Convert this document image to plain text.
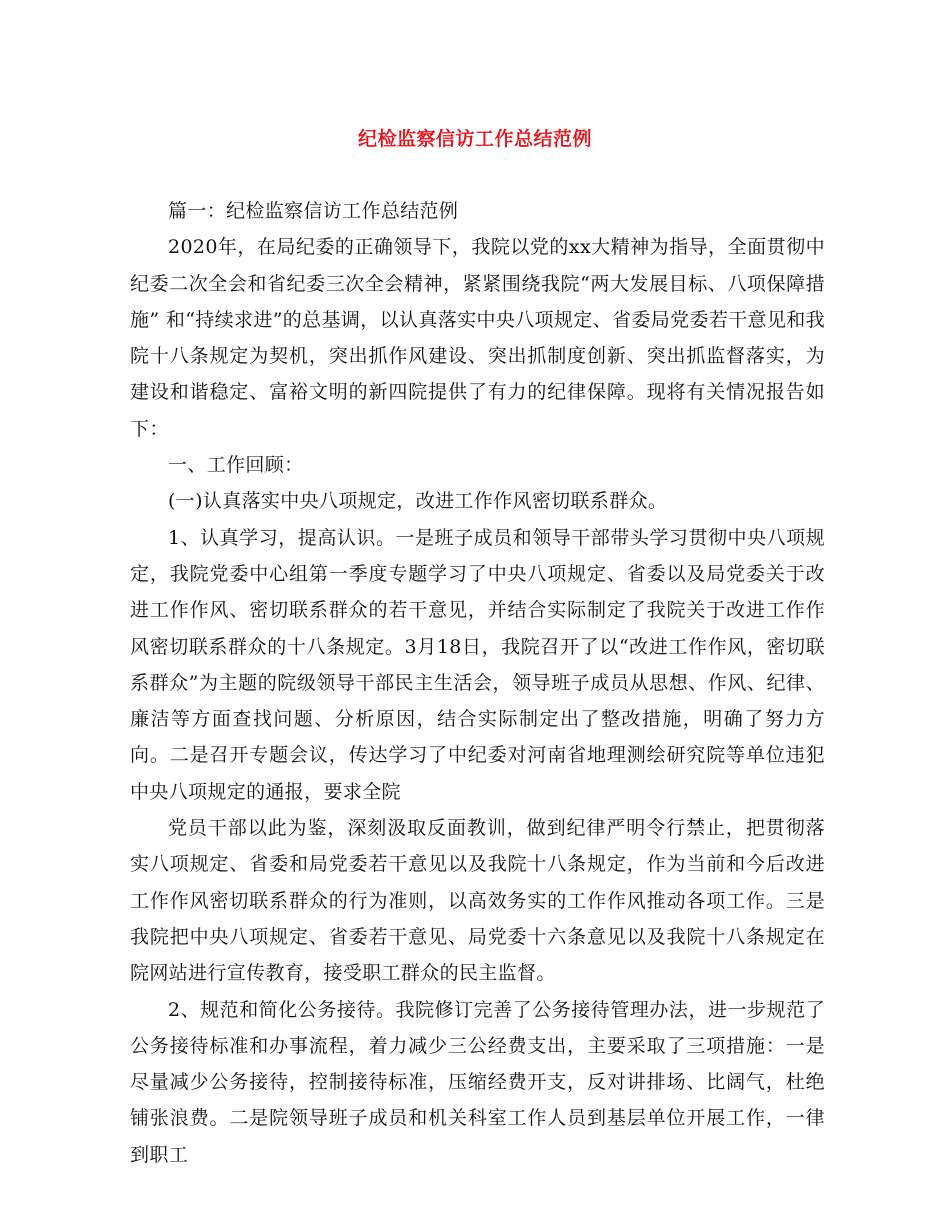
纪检监察信访工作总结范例

篇一：纪检监察信访工作总结范例

2020年，在局纪委的正确领导下，我院以党的xx大精神为指导，全面贯彻中纪委二次全会和省纪委三次全会精神，紧紧围绕我院“两大发展目标、八项保障措施” 和“持续求进”的总基调，以认真落实中央八项规定、省委局党委若干意见和我院十八条规定为契机，突出抓作风建设、突出抓制度创新、突出抓监督落实，为建设和谐稳定、富裕文明的新四院提供了有力的纪律保障。现将有关情况报告如下：

一、工作回顾：

(一)认真落实中央八项规定，改进工作作风密切联系群众。

1、认真学习，提高认识。一是班子成员和领导干部带头学习贯彻中央八项规定，我院党委中心组第一季度专题学习了中央八项规定、省委以及局党委关于改进工作作风、密切联系群众的若干意见，并结合实际制定了我院关于改进工作作风密切联系群众的十八条规定。3月18日，我院召开了以“改进工作作风，密切联系群众”为主题的院级领导干部民主生活会，领导班子成员从思想、作风、纪律、廉洁等方面查找问题、分析原因，结合实际制定出了整改措施，明确了努力方向。二是召开专题会议，传达学习了中纪委对河南省地理测绘研究院等单位违犯中央八项规定的通报，要求全院

党员干部以此为鉴，深刻汲取反面教训，做到纪律严明令行禁止，把贯彻落实八项规定、省委和局党委若干意见以及我院十八条规定，作为当前和今后改进工作作风密切联系群众的行为准则，以高效务实的工作作风推动各项工作。三是我院把中央八项规定、省委若干意见、局党委十六条意见以及我院十八条规定在院网站进行宣传教育，接受职工群众的民主监督。

2、规范和简化公务接待。我院修订完善了公务接待管理办法，进一步规范了公务接待标准和办事流程，着力减少三公经费支出，主要采取了三项措施：一是尽量减少公务接待，控制接待标准，压缩经费开支，反对讲排场、比阔气，杜绝铺张浪费。二是院领导班子成员和机关科室工作人员到基层单位开展工作，一律到职工
